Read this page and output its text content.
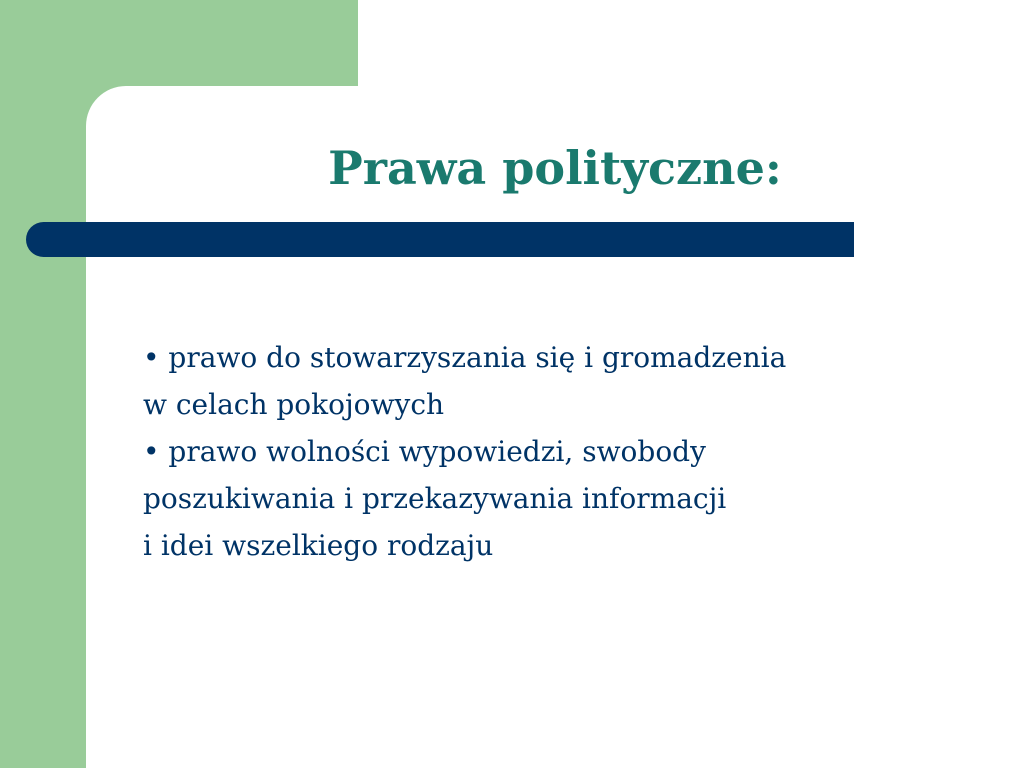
Prawa polityczne:
• prawo do stowarzyszania się i gromadzenia
w celach pokojowych
• prawo wolności wypowiedzi, swobody
poszukiwania i przekazywania informacji
i idei wszelkiego rodzaju
